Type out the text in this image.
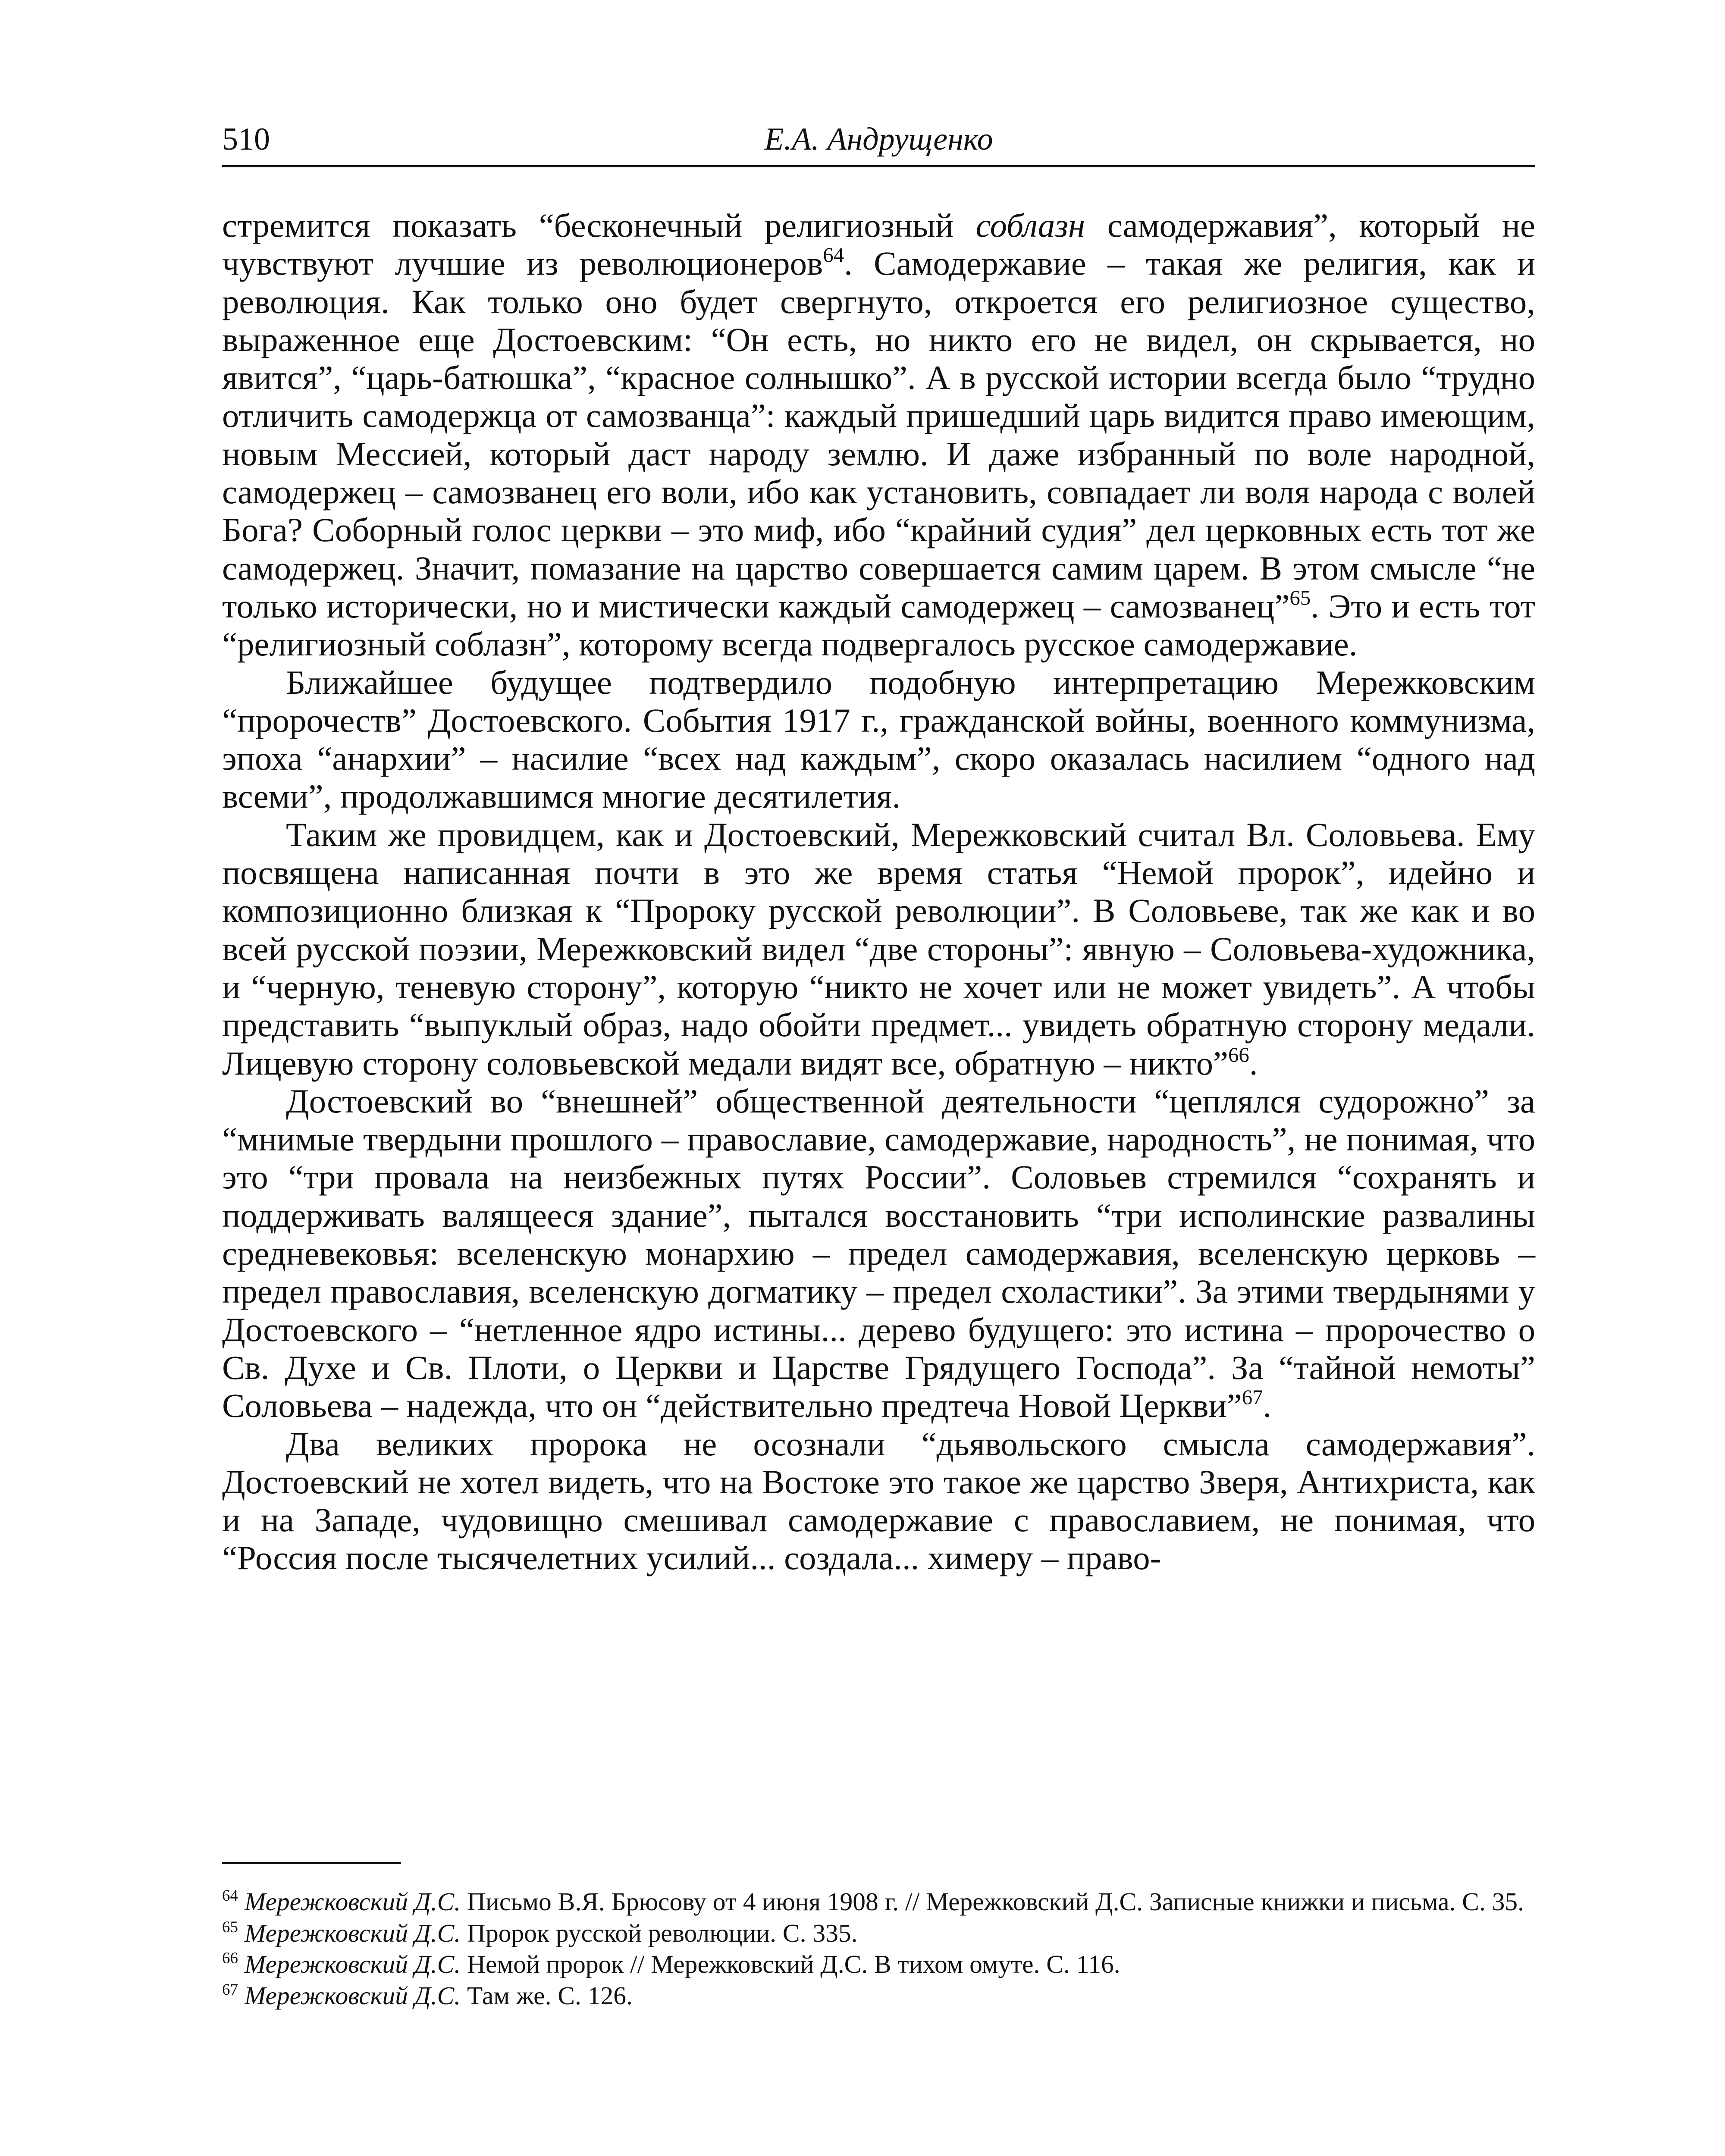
510	Е.А. Андрущенко

стремится показать “бесконечный религиозный соблазн самодержавия”, который не чувствуют лучшие из революционеров$^{64}$. Самодержавие – такая же религия, как и революция. Как только оно будет свергнуто, откроется его религиозное существо, выраженное еще Достоевским: “Он есть, но никто его не видел, он скрывается, но явится”, “царь-батюшка”, “красное солнышко”. А в русской истории всегда было “трудно отличить самодержца от самозванца”: каждый пришедший царь видится право имеющим, новым Мессией, который даст народу землю. И даже избранный по воле народной, самодержец – самозванец его воли, ибо как установить, совпадает ли воля народа с волей Бога? Соборный голос церкви – это миф, ибо “крайний судия” дел церковных есть тот же самодержец. Значит, помазание на царство совершается самим царем. В этом смысле “не только исторически, но и мистически каждый самодержец – самозванец”$^{65}$. Это и есть тот “религиозный соблазн”, которому всегда подвергалось русское самодержавие.

Ближайшее будущее подтвердило подобную интерпретацию Мережковским “пророчеств” Достоевского. События 1917 г., гражданской войны, военного коммунизма, эпоха “анархии” – насилие “всех над каждым”, скоро оказалась насилием “одного над всеми”, продолжавшимся многие десятилетия.

Таким же провидцем, как и Достоевский, Мережковский считал Вл. Соловьева. Ему посвящена написанная почти в это же время статья “Немой пророк”, идейно и композиционно близкая к “Пророку русской революции”. В Соловьеве, так же как и во всей русской поэзии, Мережковский видел “две стороны”: явную – Соловьева-художника, и “черную, теневую сторону”, которую “никто не хочет или не может увидеть”. А чтобы представить “выпуклый образ, надо обойти предмет... увидеть обратную сторону медали. Лицевую сторону соловьевской медали видят все, обратную – никто”$^{66}$.

Достоевский во “внешней” общественной деятельности “цеплялся судорожно” за “мнимые твердыни прошлого – православие, самодержавие, народность”, не понимая, что это “три провала на неизбежных путях России”. Соловьев стремился “сохранять и поддерживать валящееся здание”, пытался восстановить “три исполинские развалины средневековья: вселенскую монархию – предел самодержавия, вселенскую церковь – предел православия, вселенскую догматику – предел схоластики”. За этими твердынями у Достоевского – “нетленное ядро истины... дерево будущего: это истина – пророчество о Св. Духе и Св. Плоти, о Церкви и Царстве Грядущего Господа”. За “тайной немоты” Соловьева – надежда, что он “действительно предтеча Новой Церкви”$^{67}$.

Два великих пророка не осознали “дьявольского смысла самодержавия”. Достоевский не хотел видеть, что на Востоке это такое же царство Зверя, Антихриста, как и на Западе, чудовищно смешивал самодержавие с православием, не понимая, что “Россия после тысячелетних усилий... создала... химеру – право-

$^{64}$ Мережковский Д.С. Письмо В.Я. Брюсову от 4 июня 1908 г. // Мережковский Д.С. Записные книжки и письма. С. 35.

$^{65}$ Мережковский Д.С. Пророк русской революции. С. 335.

$^{66}$ Мережковский Д.С. Немой пророк // Мережковский Д.С. В тихом омуте. С. 116.

$^{67}$ Мережковский Д.С. Там же. С. 126.
